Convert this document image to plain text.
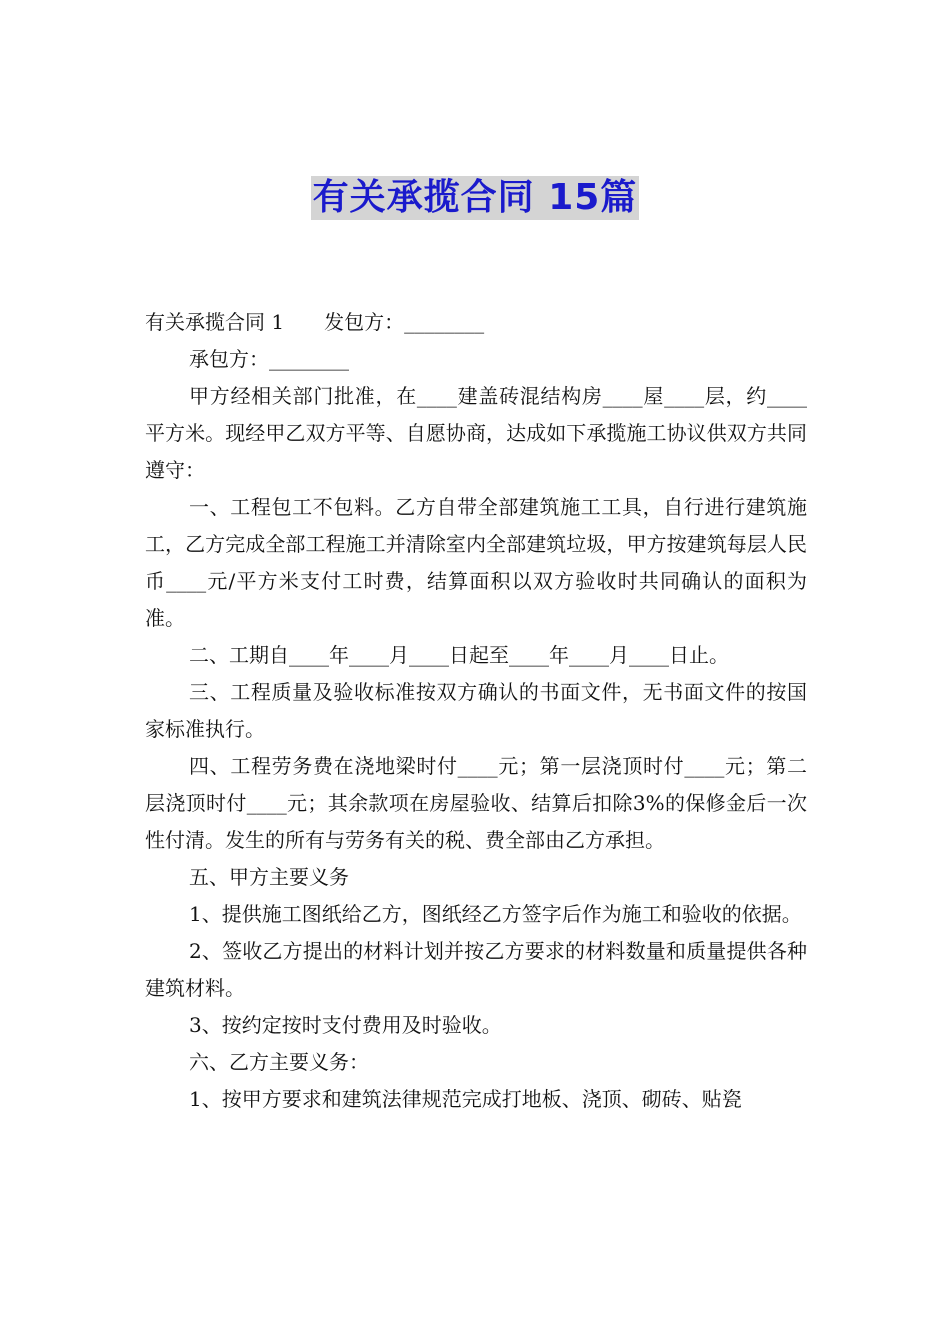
有关承揽合同 15篇

有关承揽合同 1 发包方：________

承包方：________

甲方经相关部门批准，在____建盖砖混结构房____屋____层，约____平方米。现经甲乙双方平等、自愿协商，达成如下承揽施工协议供双方共同遵守：

一、工程包工不包料。乙方自带全部建筑施工工具，自行进行建筑施工，乙方完成全部工程施工并清除室内全部建筑垃圾，甲方按建筑每层人民币____元/平方米支付工时费，结算面积以双方验收时共同确认的面积为准。

二、工期自____年____月____日起至____年____月____日止。

三、工程质量及验收标准按双方确认的书面文件，无书面文件的按国家标准执行。

四、工程劳务费在浇地梁时付____元；第一层浇顶时付____元；第二层浇顶时付____元；其余款项在房屋验收、结算后扣除3%的保修金后一次性付清。发生的所有与劳务有关的税、费全部由乙方承担。

五、甲方主要义务

1、提供施工图纸给乙方，图纸经乙方签字后作为施工和验收的依据。

2、签收乙方提出的材料计划并按乙方要求的材料数量和质量提供各种建筑材料。

3、按约定按时支付费用及时验收。

六、乙方主要义务：

1、按甲方要求和建筑法律规范完成打地板、浇顶、砌砖、贴瓷
